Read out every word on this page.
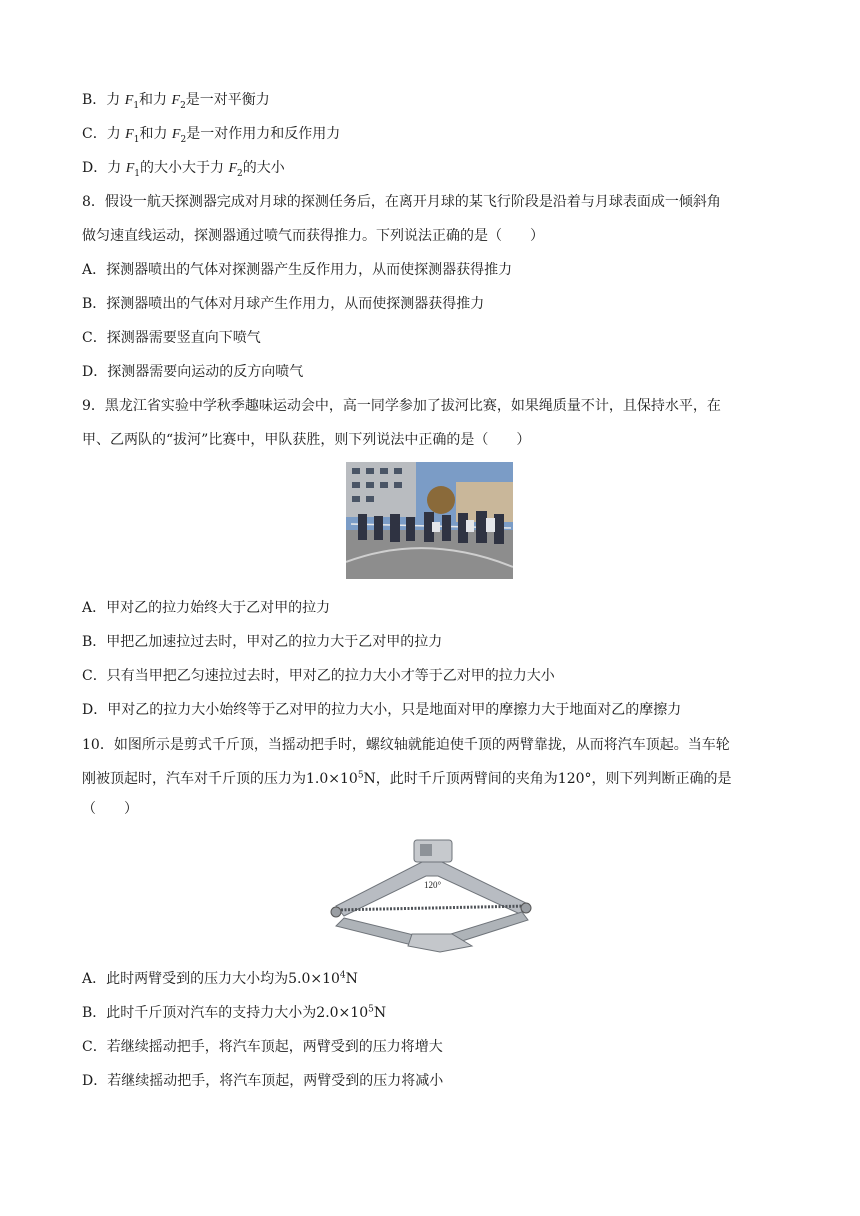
B．力 $F_1$和力 $F_2$是一对平衡力
C．力 $F_1$和力 $F_2$是一对作用力和反作用力
D．力 $F_1$的大小大于力 $F_2$的大小
8．假设一航天探测器完成对月球的探测任务后，在离开月球的某飞行阶段是沿着与月球表面成一倾斜角
做匀速直线运动，探测器通过喷气而获得推力。下列说法正确的是（　　）
A．探测器喷出的气体对探测器产生反作用力，从而使探测器获得推力
B．探测器喷出的气体对月球产生作用力，从而使探测器获得推力
C．探测器需要竖直向下喷气
D．探测器需要向运动的反方向喷气
9．黑龙江省实验中学秋季趣味运动会中，高一同学参加了拔河比赛，如果绳质量不计，且保持水平，在
甲、乙两队的“拔河”比赛中，甲队获胜，则下列说法中正确的是（　　）
A．甲对乙的拉力始终大于乙对甲的拉力
B．甲把乙加速拉过去时，甲对乙的拉力大于乙对甲的拉力
C．只有当甲把乙匀速拉过去时，甲对乙的拉力大小才等于乙对甲的拉力大小
D．甲对乙的拉力大小始终等于乙对甲的拉力大小，只是地面对甲的摩擦力大于地面对乙的摩擦力
10．如图所示是剪式千斤顶，当摇动把手时，螺纹轴就能迫使千顶的两臂靠拢，从而将汽车顶起。当车轮
刚被顶起时，汽车对千斤顶的压力为$1.0\times 10^5N$，此时千斤顶两臂间的夹角为120°，则下列判断正确的是
（　　）
A．此时两臂受到的压力大小均为$5.0\times 10^4N$
B．此时千斤顶对汽车的支持力大小为$2.0\times 10^5N$
C．若继续摇动把手，将汽车顶起，两臂受到的压力将增大
D．若继续摇动把手，将汽车顶起，两臂受到的压力将减小
120°
